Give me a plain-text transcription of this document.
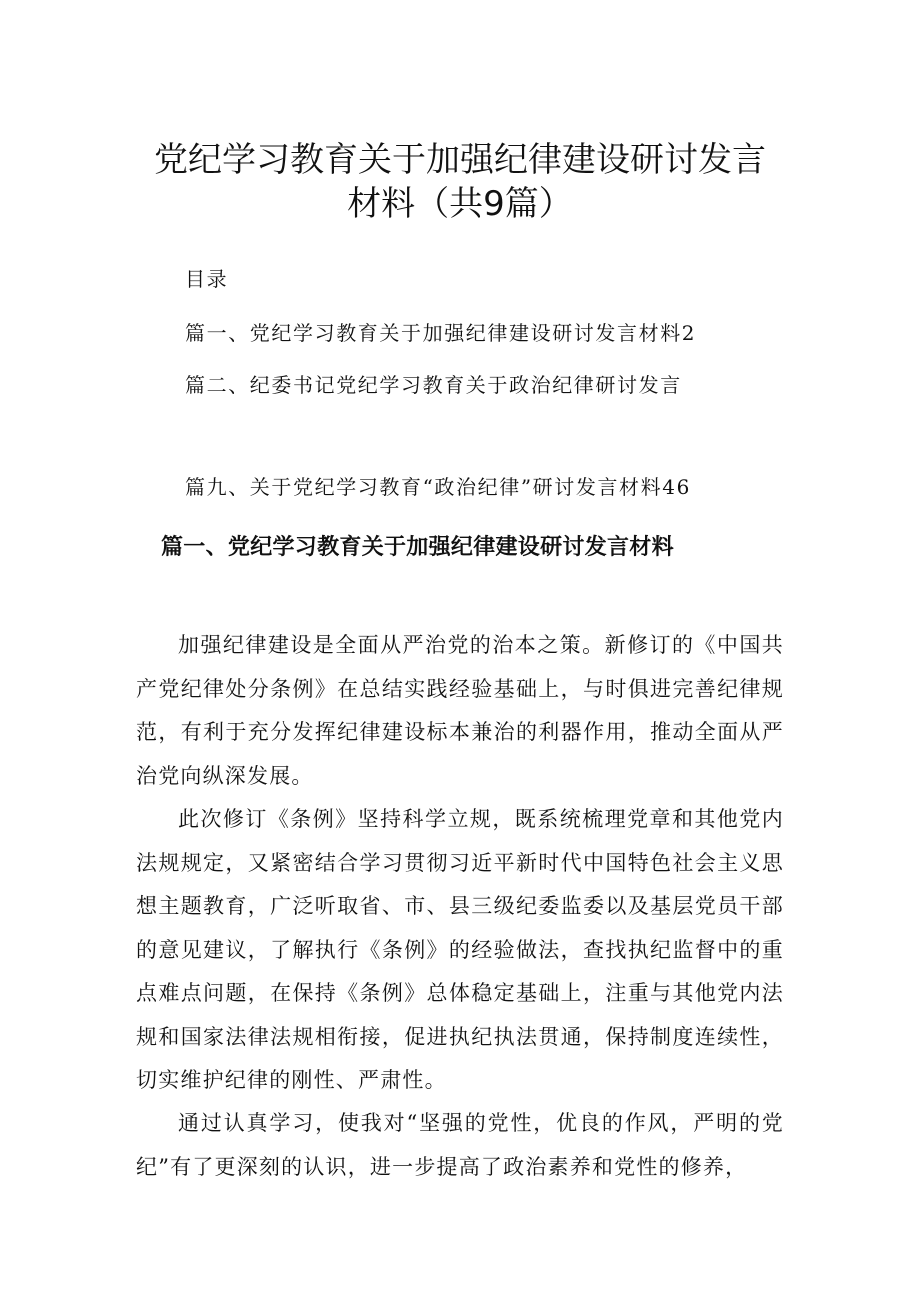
党纪学习教育关于加强纪律建设研讨发言
材料（共9篇）
目录
篇一、党纪学习教育关于加强纪律建设研讨发言材料2
篇二、纪委书记党纪学习教育关于政治纪律研讨发言
篇九、关于党纪学习教育“政治纪律”研讨发言材料46
篇一、党纪学习教育关于加强纪律建设研讨发言材料

加强纪律建设是全面从严治党的治本之策。新修订的《中国共产党纪律处分条例》在总结实践经验基础上，与时俱进完善纪律规范，有利于充分发挥纪律建设标本兼治的利器作用，推动全面从严治党向纵深发展。

此次修订《条例》坚持科学立规，既系统梳理党章和其他党内法规规定，又紧密结合学习贯彻习近平新时代中国特色社会主义思想主题教育，广泛听取省、市、县三级纪委监委以及基层党员干部的意见建议，了解执行《条例》的经验做法，查找执纪监督中的重点难点问题，在保持《条例》总体稳定基础上，注重与其他党内法规和国家法律法规相衔接，促进执纪执法贯通，保持制度连续性，切实维护纪律的刚性、严肃性。

通过认真学习，使我对“坚强的党性，优良的作风，严明的党纪”有了更深刻的认识，进一步提高了政治素养和党性的修养，
